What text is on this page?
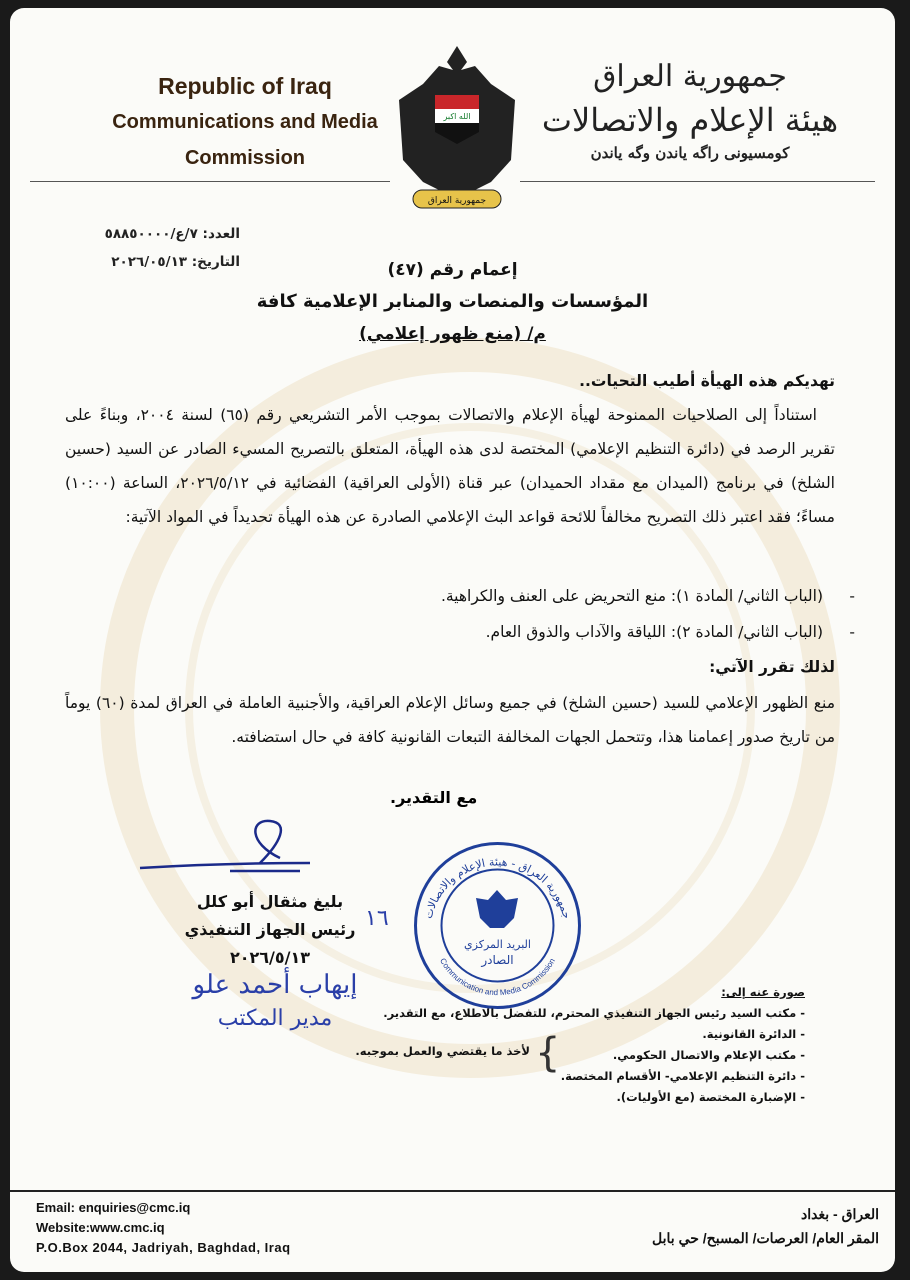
Republic of Iraq
Communications and Media
Commission
الله اكبر
جمهورية العراق
جمهورية العراق
هيئة الإعلام والاتصالات
كومسيونى راگه ياندن وگه ياندن
العدد: ٧/ع/٥٨٨٥٠٠٠٠
التاريخ: ٢٠٢٦/٠٥/١٣	إعمام رقم (٤٧)
المؤسسات والمنصات والمنابر الإعلامية كافة
م/ (منع ظهور إعلامي)
تهديكم هذه الهيأة أطيب التحيات..
استناداً إلى الصلاحيات الممنوحة لهيأة الإعلام والاتصالات بموجب الأمر التشريعي رقم (٦٥) لسنة ٢٠٠٤، وبناءً على تقرير الرصد في (دائرة التنظيم الإعلامي) المختصة لدى هذه الهيأة، المتعلق بالتصريح المسيء الصادر عن السيد (حسين الشلخ) في برنامج (الميدان مع مقداد الحميدان) عبر قناة (الأولى العراقية) الفضائية في ٢٠٢٦/٥/١٢، الساعة (١٠:٠٠) مساءً؛ فقد اعتبر ذلك التصريح مخالفاً للائحة قواعد البث الإعلامي الصادرة عن هذه الهيأة تحديداً في المواد الآتية:
-(الباب الثاني/ المادة ١): منع التحريض على العنف والكراهية.
-(الباب الثاني/ المادة ٢): اللياقة والآداب والذوق العام.
لذلك تقرر الآتي:
منع الظهور الإعلامي للسيد (حسين الشلخ) في جميع وسائل الإعلام العراقية، والأجنبية العاملة في العراق لمدة (٦٠) يوماً من تاريخ صدور إعمامنا هذا، وتتحمل الجهات المخالفة التبعات القانونية كافة في حال استضافته.
مع التقدير.
بليغ مثقال أبو كلل
رئيس الجهاز التنفيذي
٢٠٢٦/٥/١٣
١٦
إيهاب أحمد علو
مدير المكتب
جمهورية العراق - هيئة الإعلام والاتصالات
Communication and Media Commission
البريد المركزي
الصادر
صورة عنه إلى:
- مكتب السيد رئيس الجهاز التنفيذي المحترم، للتفضل بالاطلاع، مع التقدير.
- الدائرة القانونية.
- مكتب الإعلام والاتصال الحكومي.
- دائرة التنظيم الإعلامي- الأقسام المختصة.
- الإضبارة المختصة (مع الأوليات).
{
لأخذ ما يقتضي والعمل بموجبه.
Email: enquiries@cmc.iq
Website:www.cmc.iq
P.O.Box 2044, Jadriyah, Baghdad, Iraq
العراق - بغداد
المقر العام/ العرصات/ المسبح/ حي بابل
